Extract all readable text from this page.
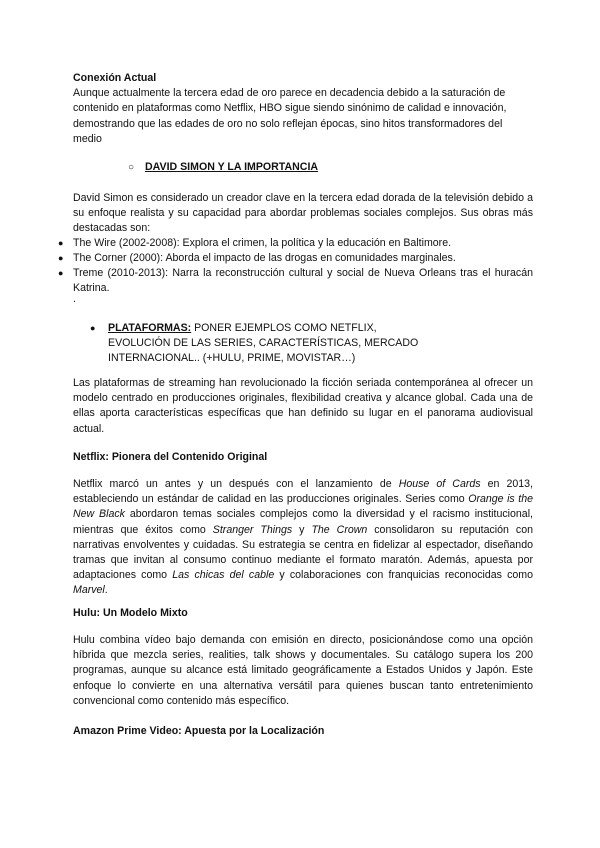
Conexión Actual

Aunque actualmente la tercera edad de oro parece en decadencia debido a la saturación de contenido en plataformas como Netflix, HBO sigue siendo sinónimo de calidad e innovación, demostrando que las edades de oro no solo reflejan épocas, sino hitos transformadores del medio

○ DAVID SIMON Y LA IMPORTANCIA
David Simon es considerado un creador clave en la tercera edad dorada de la televisión debido a su enfoque realista y su capacidad para abordar problemas sociales complejos. Sus obras más destacadas son:
● The Wire (2002-2008): Explora el crimen, la política y la educación en Baltimore.
● The Corner (2000): Aborda el impacto de las drogas en comunidades marginales.
● Treme (2010-2013): Narra la reconstrucción cultural y social de Nueva Orleans tras el huracán Katrina.
.
● PLATAFORMAS: PONER EJEMPLOS COMO NETFLIX, EVOLUCIÓN DE LAS SERIES, CARACTERÍSTICAS, MERCADO INTERNACIONAL.. (+HULU, PRIME, MOVISTAR…)
Las plataformas de streaming han revolucionado la ficción seriada contemporánea al ofrecer un modelo centrado en producciones originales, flexibilidad creativa y alcance global. Cada una de ellas aporta características específicas que han definido su lugar en el panorama audiovisual actual.
Netflix: Pionera del Contenido Original
Netflix marcó un antes y un después con el lanzamiento de House of Cards en 2013, estableciendo un estándar de calidad en las producciones originales. Series como Orange is the New Black abordaron temas sociales complejos como la diversidad y el racismo institucional, mientras que éxitos como Stranger Things y The Crown consolidaron su reputación con narrativas envolventes y cuidadas. Su estrategia se centra en fidelizar al espectador, diseñando tramas que invitan al consumo continuo mediante el formato maratón. Además, apuesta por adaptaciones como Las chicas del cable y colaboraciones con franquicias reconocidas como Marvel.
Hulu: Un Modelo Mixto
Hulu combina vídeo bajo demanda con emisión en directo, posicionándose como una opción híbrida que mezcla series, realities, talk shows y documentales. Su catálogo supera los 200 programas, aunque su alcance está limitado geográficamente a Estados Unidos y Japón. Este enfoque lo convierte en una alternativa versátil para quienes buscan tanto entretenimiento convencional como contenido más específico.
Amazon Prime Video: Apuesta por la Localización
